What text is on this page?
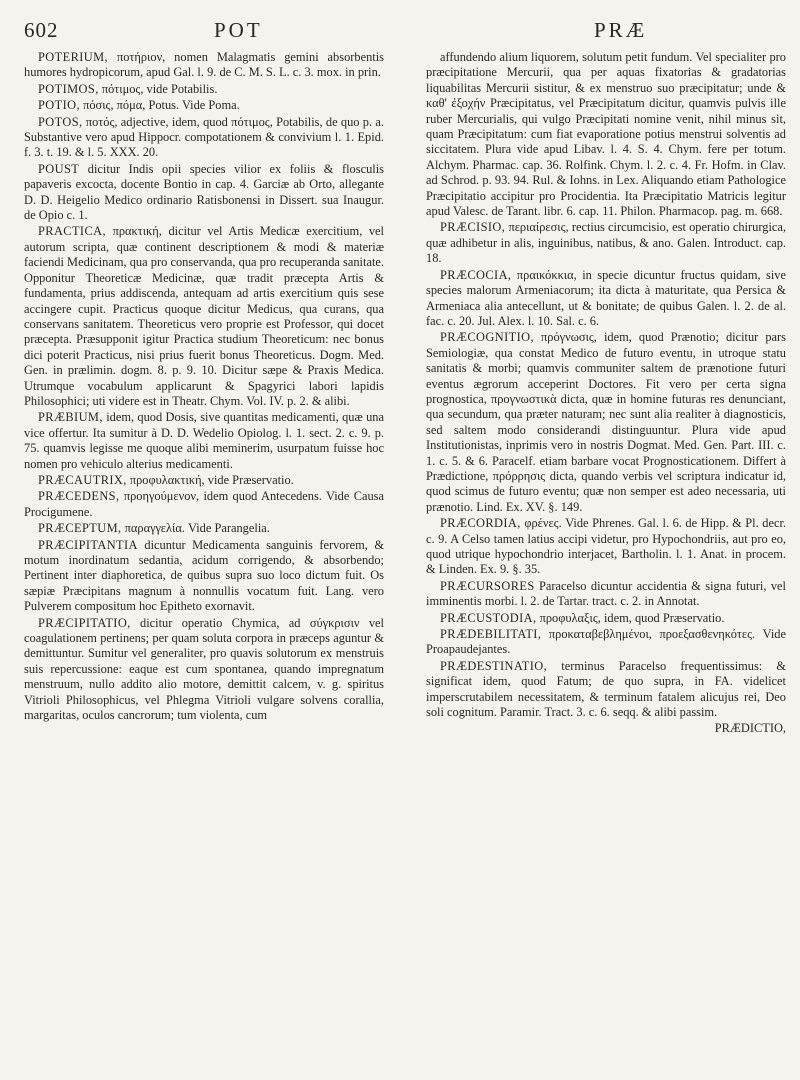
602	POT	PRÆ

POTERIUM, ποτήριον, nomen Malagmatis gemini absorbentis humores hydropicorum, apud Gal. l. 9. de C. M. S. L. c. 3. mox. in prin.

POTIMOS, πότιμος, vide Potabilis.

POTIO, πόσις, πόμα, Potus. Vide Poma.

POTOS, ποτός, adjective, idem, quod πότιμος, Potabilis, de quo p. a. Substantive vero apud Hippocr. compotationem & convivium l. 1. Epid. f. 3. t. 19. & l. 5. XXX. 20.

POUST dicitur Indis opii species vilior ex foliis & flosculis papaveris excocta, docente Bontio in cap. 4. Garciæ ab Orto, allegante D. D. Heigelio Medico ordinario Ratisbonensi in Dissert. sua Inaugur. de Opio c. 1.

PRACTICA, πρακτική, dicitur vel Artis Medicæ exercitium, vel autorum scripta, quæ continent descriptionem & modi & materiæ faciendi Medicinam, qua pro conservanda, qua pro recuperanda sanitate. Opponitur Theoreticæ Medicinæ, quæ tradit præcepta Artis & fundamenta, prius addiscenda, antequam ad artis exercitium quis sese accingere cupit. Practicus quoque dicitur Medicus, qua curans, qua conservans sanitatem. Theoreticus vero proprie est Professor, qui docet præcepta. Præsupponit igitur Practica studium Theoreticum: nec bonus dici poterit Practicus, nisi prius fuerit bonus Theoreticus. Dogm. Med. Gen. in prælimin. dogm. 8. p. 9. 10. Dicitur sæpe & Praxis Medica. Utrumque vocabulum applicarunt & Spagyrici labori lapidis Philosophici; uti videre est in Theatr. Chym. Vol. IV. p. 2. & alibi.

PRÆBIUM, idem, quod Dosis, sive quantitas medicamenti, quæ una vice offertur. Ita sumitur à D. D. Wedelio Opiolog. l. 1. sect. 2. c. 9. p. 75. quamvis legisse me quoque alibi meminerim, usurpatum fuisse hoc nomen pro vehiculo alterius medicamenti.

PRÆCAUTRIX, προφυλακτική, vide Præservatio.

PRÆCEDENS, προηγούμενον, idem quod Antecedens. Vide Causa Procigumene.

PRÆCEPTUM, παραγγελία. Vide Parangelia.

PRÆCIPITANTIA dicuntur Medicamenta sanguinis fervorem, & motum inordinatum sedantia, acidum corrigendo, & absorbendo; Pertinent inter diaphoretica, de quibus supra suo loco dictum fuit. Os sæpiæ Præcipitans magnum à nonnullis vocatum fuit. Lang. vero Pulverem compositum hoc Epitheto exornavit.

PRÆCIPITATIO, dicitur operatio Chymica, ad σύγκρισιν vel coagulationem pertinens; per quam soluta corpora in præceps aguntur & demittuntur. Sumitur vel generaliter, pro quavis solutorum ex menstruis suis repercussione: eaque est cum spontanea, quando impregnatum menstruum, nullo addito alio motore, demittit calcem, v. g. spiritus Vitrioli Philosophicus, vel Phlegma Vitrioli vulgare solvens corallia, margaritas, oculos cancrorum; tum violenta, cum

affundendo alium liquorem, solutum petit fundum. Vel specialiter pro præcipitatione Mercurii, qua per aquas fixatorias & gradatorias liquabilitas Mercurii sistitur, & ex menstruo suo præcipitatur; unde & καθ' ἐξοχήν Præcipitatus, vel Præcipitatum dicitur, quamvis pulvis ille ruber Mercurialis, qui vulgo Præcipitati nomine venit, nihil minus sit, quam Præcipitatum: cum fiat evaporatione potius menstrui solventis ad siccitatem. Plura vide apud Libav. l. 4. S. 4. Chym. fere per totum. Alchym. Pharmac. cap. 36. Rolfink. Chym. l. 2. c. 4. Fr. Hofm. in Clav. ad Schrod. p. 93. 94. Rul. & Iohns. in Lex. Aliquando etiam Pathologice Præcipitatio accipitur pro Procidentia. Ita Præcipitatio Matricis legitur apud Valesc. de Tarant. libr. 6. cap. 11. Philon. Pharmacop. pag. m. 668.

PRÆCISIO, περιαίρεσις, rectius circumcisio, est operatio chirurgica, quæ adhibetur in alis, inguinibus, natibus, & ano. Galen. Introduct. cap. 18.

PRÆCOCIA, πραικόκκια, in specie dicuntur fructus quidam, sive species malorum Armeniacorum; ita dicta à maturitate, qua Persica & Armeniaca alia antecellunt, ut & bonitate; de quibus Galen. l. 2. de al. fac. c. 20. Jul. Alex. l. 10. Sal. c. 6.

PRÆCOGNITIO, πρόγνωσις, idem, quod Prænotio; dicitur pars Semiologiæ, qua constat Medico de futuro eventu, in utroque statu sanitatis & morbi; quamvis communiter saltem de prænotione futuri eventus ægrorum acceperint Doctores. Fit vero per certa signa prognostica, προγνωστικὰ dicta, quæ in homine futuras res denunciant, qua secundum, qua præter naturam; nec sunt alia realiter à diagnosticis, sed saltem modo considerandi distinguuntur. Plura vide apud Institutionistas, inprimis vero in nostris Dogmat. Med. Gen. Part. III. c. 1. c. 5. & 6. Paracelf. etiam barbare vocat Prognosticationem. Differt à Prædictione, πρόρρησις dicta, quando verbis vel scriptura indicatur id, quod scimus de futuro eventu; quæ non semper est adeo necessaria, uti prænotio. Lind. Ex. XV. §. 149.

PRÆCORDIA, φρένες. Vide Phrenes. Gal. l. 6. de Hipp. & Pl. decr. c. 9. A Celso tamen latius accipi videtur, pro Hypochondriis, aut pro eo, quod utrique hypochondrio interjacet, Bartholin. l. 1. Anat. in procem. & Linden. Ex. 9. §. 35.

PRÆCURSORES Paracelso dicuntur accidentia & signa futuri, vel imminentis morbi. l. 2. de Tartar. tract. c. 2. in Annotat.

PRÆCUSTODIA, προφυλαξις, idem, quod Præservatio.

PRÆDEBILITATI, προκαταβεβλημένοι, προεξασθενηκότες. Vide Proapaudejantes.

PRÆDESTINATIO, terminus Paracelso frequentissimus: & significat idem, quod Fatum; de quo supra, in FA. videlicet imperscrutabilem necessitatem, & terminum fatalem alicujus rei, Deo soli cognitum. Paramir. Tract. 3. c. 6. seqq. & alibi passim.

PRÆDICTIO,
